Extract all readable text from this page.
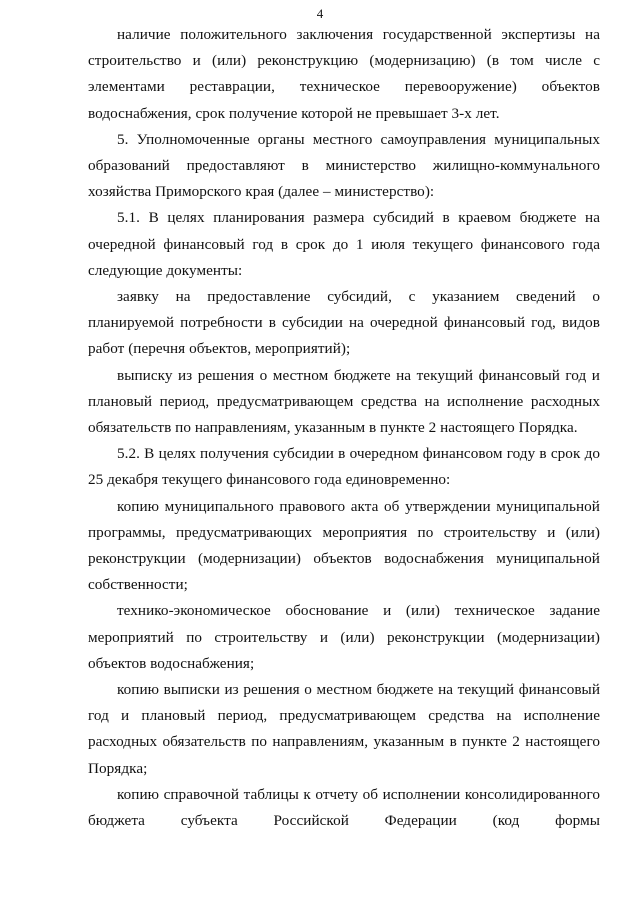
4

наличие положительного заключения государственной экспертизы на строительство и (или) реконструкцию (модернизацию) (в том числе с элементами реставрации, техническое перевооружение) объектов водоснабжения, срок получение которой не превышает 3-х лет.

5. Уполномоченные органы местного самоуправления муниципальных образований предоставляют в министерство жилищно-коммунального хозяйства Приморского края (далее – министерство):

5.1. В целях планирования размера субсидий в краевом бюджете на очередной финансовый год в срок до 1 июля текущего финансового года следующие документы:

заявку на предоставление субсидий, с указанием сведений о планируемой потребности в субсидии на очередной финансовый год, видов работ (перечня объектов, мероприятий);

выписку из решения о местном бюджете на текущий финансовый год и плановый период, предусматривающем средства на исполнение расходных обязательств по направлениям, указанным в пункте 2 настоящего Порядка.

5.2. В целях получения субсидии в очередном финансовом году в срок до 25 декабря текущего финансового года единовременно:

копию муниципального правового акта об утверждении муниципальной программы, предусматривающих мероприятия по строительству и (или) реконструкции (модернизации) объектов водоснабжения муниципальной собственности;

технико-экономическое обоснование и (или) техническое задание мероприятий по строительству и (или) реконструкции (модернизации) объектов водоснабжения;

копию выписки из решения о местном бюджете на текущий финансовый год и плановый период, предусматривающем средства на исполнение расходных обязательств по направлениям, указанным в пункте 2 настоящего Порядка;

копию справочной таблицы к отчету об исполнении консолидированного бюджета субъекта Российской Федерации (код формы
